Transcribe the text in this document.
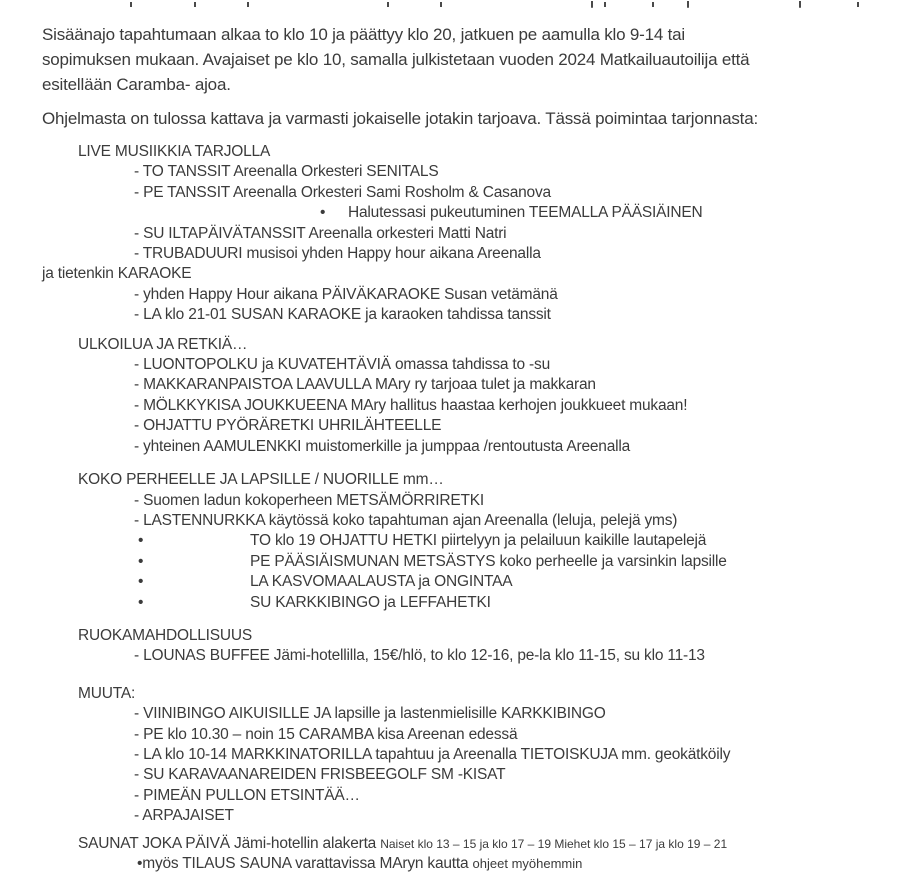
Sisäänajo tapahtumaan alkaa to klo 10 ja päättyy klo 20, jatkuen pe aamulla klo 9-14 tai
sopimuksen mukaan. Avajaiset pe klo 10, samalla julkistetaan vuoden 2024 Matkailuautoilija että
esitellään Caramba- ajoa.
Ohjelmasta on tulossa kattava ja varmasti jokaiselle jotakin tarjoava. Tässä poimintaa tarjonnasta:
LIVE MUSIIKKIA TARJOLLA
- TO TANSSIT Areenalla Orkesteri SENITALS
- PE TANSSIT Areenalla Orkesteri Sami Rosholm & Casanova
• Halutessasi pukeutuminen TEEMALLA PÄÄSIÄINEN
- SU ILTAPÄIVÄTANSSIT Areenalla orkesteri Matti Natri
- TRUBADUURI musisoi yhden Happy hour aikana Areenalla
ja tietenkin KARAOKE
- yhden Happy Hour aikana PÄIVÄKARAOKE Susan vetämänä
- LA klo 21-01 SUSAN KARAOKE ja karaoken tahdissa tanssit
ULKOILUA JA RETKIÄ…
- LUONTOPOLKU ja KUVATEHTÄVIÄ omassa tahdissa to -su
- MAKKARANPAISTOA LAAVULLA MAry ry tarjoaa tulet ja makkaran
- MÖLKKYKISA JOUKKUEENA MAry hallitus haastaa kerhojen joukkueet mukaan!
- OHJATTU PYÖRÄRETKI UHRILÄHTEELLE
- yhteinen AAMULENKKI muistomerkille ja jumppaa /rentoutusta Areenalla
KOKO PERHEELLE JA LAPSILLE / NUORILLE mm…
- Suomen ladun kokoperheen METSÄMÖRRIRETKI
- LASTENNURKKA käytössä koko tapahtuman ajan Areenalla (leluja, pelejä yms)
•	TO klo 19 OHJATTU HETKI piirtelyyn ja pelailuun kaikille lautapelejä
•	PE PÄÄSIÄISMUNAN METSÄSTYS koko perheelle ja varsinkin lapsille
•	LA KASVOMAALAUSTA ja ONGINTAA
•	SU KARKKIBINGO ja LEFFAHETKI
RUOKAMAHDOLLISUUS
- LOUNAS BUFFEE Jämi-hotellilla, 15€/hlö, to klo 12-16, pe-la klo 11-15, su klo 11-13
MUUTA:
- VIINIBINGO AIKUISILLE JA lapsille ja lastenmielisille KARKKIBINGO
- PE klo 10.30 – noin 15 CARAMBA kisa Areenan edessä
- LA klo 10-14 MARKKINATORILLA tapahtuu ja Areenalla TIETOISKUJA mm. geokätköily
- SU KARAVAANAREIDEN FRISBEEGOLF SM -KISAT
- PIMEÄN PULLON ETSINTÄÄ…
- ARPAJAISET
SAUNAT JOKA PÄIVÄ Jämi-hotellin alakerta Naiset klo 13 – 15 ja klo 17 – 19 Miehet klo 15 – 17 ja klo 19 – 21
•myös TILAUS SAUNA varattavissa MAryn kautta ohjeet myöhemmin
